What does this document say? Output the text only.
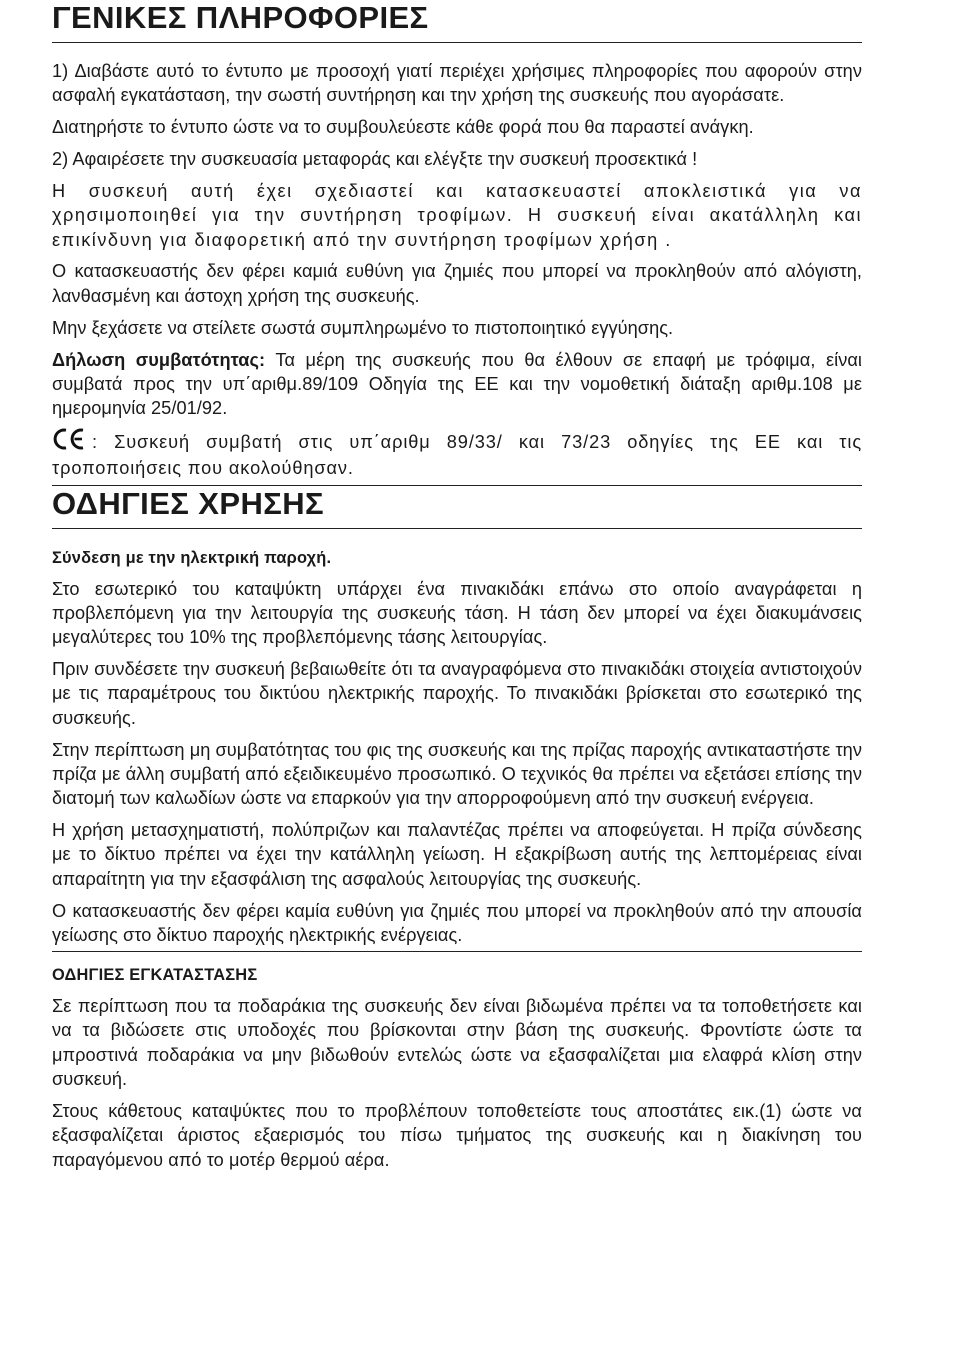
ΓΕΝΙΚΕΣ ΠΛΗΡΟΦΟΡΙΕΣ

1) Διαβάστε αυτό το έντυπο με προσοχή γιατί περιέχει χρήσιμες πληροφορίες που αφορούν στην ασφαλή εγκατάσταση, την σωστή συντήρηση και την χρήση της συσκευής που αγοράσατε.

Διατηρήστε το έντυπο ώστε να το συμβουλεύεστε κάθε φορά που θα παραστεί ανάγκη.

2) Αφαιρέσετε την συσκευασία μεταφοράς και ελέγξτε την συσκευή προσεκτικά !

Η συσκευή αυτή έχει σχεδιαστεί και κατασκευαστεί αποκλειστικά για να χρησιμοποιηθεί για την συντήρηση τροφίμων. Η συσκευή είναι ακατάλληλη και επικίνδυνη για διαφορετική από την συντήρηση τροφίμων χρήση .

Ο κατασκευαστής δεν φέρει καμιά ευθύνη για ζημιές που μπορεί να προκληθούν από αλόγιστη, λανθασμένη και άστοχη χρήση της συσκευής.

Μην ξεχάσετε να στείλετε σωστά συμπληρωμένο το πιστοποιητικό εγγύησης.

Δήλωση συμβατότητας: Τα μέρη της συσκευής που θα έλθουν σε επαφή με τρόφιμα, είναι συμβατά προς την υπ΄αριθμ.89/109 Οδηγία της ΕΕ και την νομοθετική διάταξη αριθμ.108 με ημερομηνία 25/01/92.

: Συσκευή συμβατή στις υπ΄αριθμ 89/33/ και 73/23 οδηγίες της ΕΕ και τις τροποποιήσεις που ακολούθησαν.

ΟΔΗΓΙΕΣ ΧΡΗΣΗΣ
Σύνδεση με την ηλεκτρική παροχή.

Στο εσωτερικό του καταψύκτη υπάρχει ένα πινακιδάκι επάνω στο οποίο αναγράφεται η προβλεπόμενη για την λειτουργία της συσκευής τάση. Η τάση δεν μπορεί να έχει διακυμάνσεις μεγαλύτερες του 10% της προβλεπόμενης τάσης λειτουργίας.

Πριν συνδέσετε την συσκευή βεβαιωθείτε ότι τα αναγραφόμενα στο πινακιδάκι στοιχεία αντιστοιχούν με τις παραμέτρους του δικτύου ηλεκτρικής παροχής. Το πινακιδάκι βρίσκεται στο εσωτερικό της συσκευής.

Στην περίπτωση μη συμβατότητας του φις της συσκευής και της πρίζας παροχής αντικαταστήστε την πρίζα με άλλη συμβατή από εξειδικευμένο προσωπικό. Ο τεχνικός θα πρέπει να εξετάσει επίσης την διατομή των καλωδίων ώστε να επαρκούν για την απορροφούμενη από την συσκευή ενέργεια.

Η χρήση μετασχηματιστή, πολύπριζων και παλαντέζας πρέπει να αποφεύγεται. Η πρίζα σύνδεσης με το δίκτυο πρέπει να έχει την κατάλληλη γείωση. Η εξακρίβωση αυτής της λεπτομέρειας είναι απαραίτητη για την εξασφάλιση της ασφαλούς λειτουργίας της συσκευής.

Ο κατασκευαστής δεν φέρει καμία ευθύνη για ζημιές που μπορεί να προκληθούν από την απουσία γείωσης στο δίκτυο παροχής ηλεκτρικής ενέργειας.

ΟΔΗΓΙΕΣ ΕΓΚΑΤΑΣΤΑΣΗΣ

Σε περίπτωση που τα ποδαράκια της συσκευής δεν είναι βιδωμένα πρέπει να τα τοποθετήσετε και να τα βιδώσετε στις υποδοχές που βρίσκονται στην βάση της συσκευής. Φροντίστε ώστε τα μπροστινά ποδαράκια να μην βιδωθούν εντελώς ώστε να εξασφαλίζεται μια ελαφρά κλίση στην συσκευή.

Στους κάθετους καταψύκτες που το προβλέπουν τοποθετείστε τους αποστάτες εικ.(1) ώστε να εξασφαλίζεται άριστος εξαερισμός του πίσω τμήματος της συσκευής και η διακίνηση του παραγόμενου από το μοτέρ θερμού αέρα.
